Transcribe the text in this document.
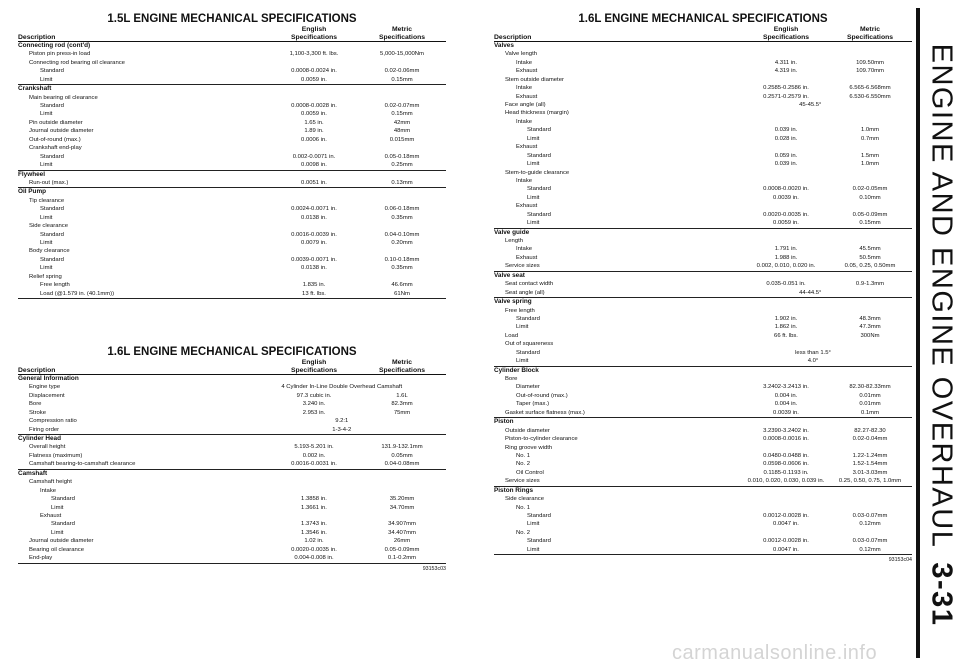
1.5L ENGINE MECHANICAL SPECIFICATIONS
Description
English
Specifications
Metric
Specifications
Connecting rod (cont'd)
Piston pin press-in load	1,100-3,300 ft. lbs.	5,000-15,000Nm
Connecting rod bearing oil clearance
Standard	0.0008-0.0024 in.	0.02-0.06mm
Limit	0.0059 in.	0.15mm
Crankshaft
Main bearing oil clearance
Standard	0.0008-0.0028 in.	0.02-0.07mm
Limit	0.0059 in.	0.15mm
Pin outside diameter	1.65 in.	42mm
Journal outside diameter	1.89 in.	48mm
Out-of-round (max.)	0.0006 in.	0.015mm
Crankshaft end-play
Standard	0.002-0.0071 in.	0.05-0.18mm
Limit	0.0098 in.	0.25mm
Flywheel
Run-out (max.)	0.0051 in.	0.13mm
Oil Pump
Tip clearance
Standard	0.0024-0.0071 in.	0.06-0.18mm
Limit	0.0138 in.	0.35mm
Side clearance
Standard	0.0016-0.0039 in.	0.04-0.10mm
Limit	0.0079 in.	0.20mm
Body clearance
Standard	0.0039-0.0071 in.	0.10-0.18mm
Limit	0.0138 in.	0.35mm
Relief spring
Free length	1.835 in.	46.6mm
Load (@1.579 in. (40.1mm))	13 ft. lbs.	61Nm
1.6L ENGINE MECHANICAL SPECIFICATIONS
Description
English
Specifications
Metric
Specifications
General Information
Engine type	4 Cylinder In-Line Double Overhead Camshaft
Displacement	97.3 cubic in.	1.6L
Bore	3.240 in.	82.3mm
Stroke	2.953 in.	75mm
Compression ratio	9.2:1
Firing order	1-3-4-2
Cylinder Head
Overall height	5.193-5.201 in.	131.9-132.1mm
Flatness (maximum)	0.002 in.	0.05mm
Camshaft bearing-to-camshaft clearance	0.0016-0.0031 in.	0.04-0.08mm
Camshaft
Camshaft height
Intake
Standard	1.3858 in.	35.20mm
Limit	1.3661 in.	34.70mm
Exhaust
Standard	1.3743 in.	34.907mm
Limit	1.3546 in.	34.407mm
Journal outside diameter	1.02 in.	26mm
Bearing oil clearance	0.0020-0.0035 in.	0.05-0.09mm
End-play	0.004-0.008 in.	0.1-0.2mm
93153c03
1.6L ENGINE MECHANICAL SPECIFICATIONS
Description
English
Specifications
Metric
Specifications
Valves
Valve length
Intake	4.311 in.	109.50mm
Exhaust	4.319 in.	109.70mm
Stem outside diameter
Intake	0.2585-0.2586 in.	6.565-6.568mm
Exhaust	0.2571-0.2579 in.	6.530-6.550mm
Face angle (all)	45-45.5°
Head thickness (margin)
Intake
Standard	0.039 in.	1.0mm
Limit	0.028 in.	0.7mm
Exhaust
Standard	0.059 in.	1.5mm
Limit	0.039 in.	1.0mm
Stem-to-guide clearance
Intake
Standard	0.0008-0.0020 in.	0.02-0.05mm
Limit	0.0039 in.	0.10mm
Exhaust
Standard	0.0020-0.0035 in.	0.05-0.09mm
Limit	0.0059 in.	0.15mm
Valve guide
Length
Intake	1.791 in.	45.5mm
Exhaust	1.988 in.	50.5mm
Service sizes	0.002, 0.010, 0.020 in.	0.05, 0.25, 0.50mm
Valve seat
Seat contact width	0.035-0.051 in.	0.9-1.3mm
Seat angle (all)	44-44.5°
Valve spring
Free length
Standard	1.902 in.	48.3mm
Limit	1.862 in.	47.3mm
Load	66 ft. lbs.	300Nm
Out of squareness
Standard	less than 1.5°
Limit	4.0°
Cylinder Block
Bore
Diameter	3.2402-3.2413 in.	82.30-82.33mm
Out-of-round (max.)	0.004 in.	0.01mm
Taper (max.)	0.004 in.	0.01mm
Gasket surface flatness (max.)	0.0039 in.	0.1mm
Piston
Outside diameter	3.2390-3.2402 in.	82.27-82.30
Piston-to-cylinder clearance	0.0008-0.0016 in.	0.02-0.04mm
Ring groove width
No. 1	0.0480-0.0488 in.	1.22-1.24mm
No. 2	0.0598-0.0606 in.	1.52-1.54mm
Oil Control	0.1185-0.1193 in.	3.01-3.03mm
Service sizes	0.010, 0.020, 0.030, 0.039 in.	0.25, 0.50, 0.75, 1.0mm
Piston Rings
Side clearance
No. 1
Standard	0.0012-0.0028 in.	0.03-0.07mm
Limit	0.0047 in.	0.12mm
No. 2
Standard	0.0012-0.0028 in.	0.03-0.07mm
Limit	0.0047 in.	0.12mm
93153c04
ENGINE AND ENGINE OVERHAUL3-31
carmanualsonline.info
